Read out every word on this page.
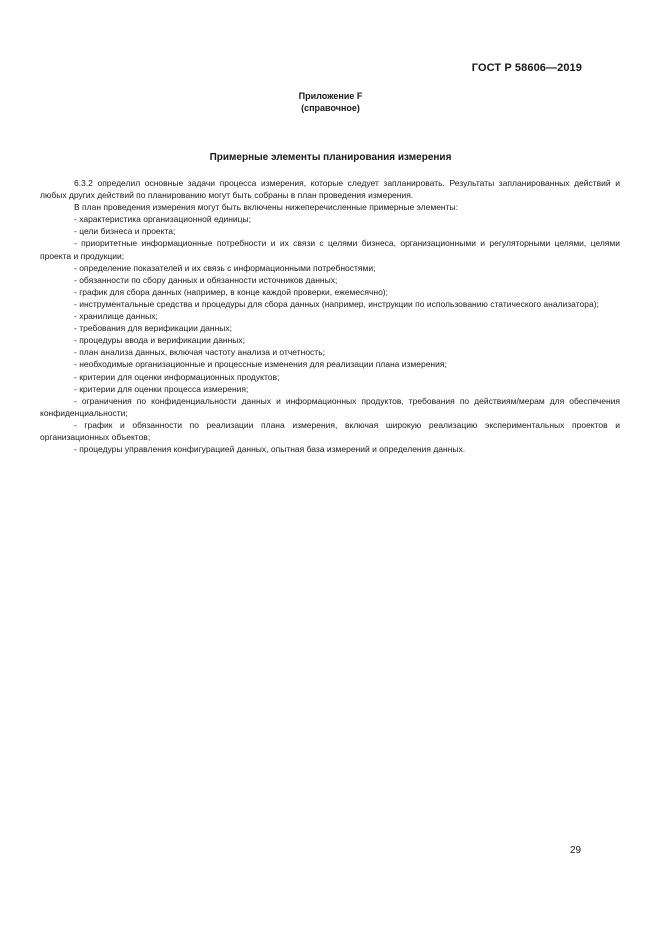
ГОСТ Р 58606—2019
Приложение F
(справочное)
Примерные элементы планирования измерения

6.3.2 определил основные задачи процесса измерения, которые следует запланировать. Результаты запланированных действий и любых других действий по планированию могут быть собраны в план проведения измерения.

В план проведения измерения могут быть включены нижеперечисленные примерные элементы:

- характеристика организационной единицы;

- цели бизнеса и проекта;

- приоритетные информационные потребности и их связи с целями бизнеса, организационными и регуляторными целями, целями проекта и продукции;

- определение показателей и их связь с информационными потребностями;

- обязанности по сбору данных и обязанности источников данных;

- график для сбора данных (например, в конце каждой проверки, ежемесячно);

- инструментальные средства и процедуры для сбора данных (например, инструкции по использованию статического анализатора);

- хранилище данных;

- требования для верификации данных;

- процедуры ввода и верификации данных;

- план анализа данных, включая частоту анализа и отчетность;

- необходимые организационные и процессные изменения для реализации плана измерения;

- критерии для оценки информационных продуктов;

- критерии для оценки процесса измерения;

- ограничения по конфиденциальности данных и информационных продуктов, требования по действиям/мерам для обеспечения конфиденциальности;

- график и обязанности по реализации плана измерения, включая широкую реализацию экспериментальных проектов и организационных объектов;

- процедуры управления конфигурацией данных, опытная база измерений и определения данных.

29
